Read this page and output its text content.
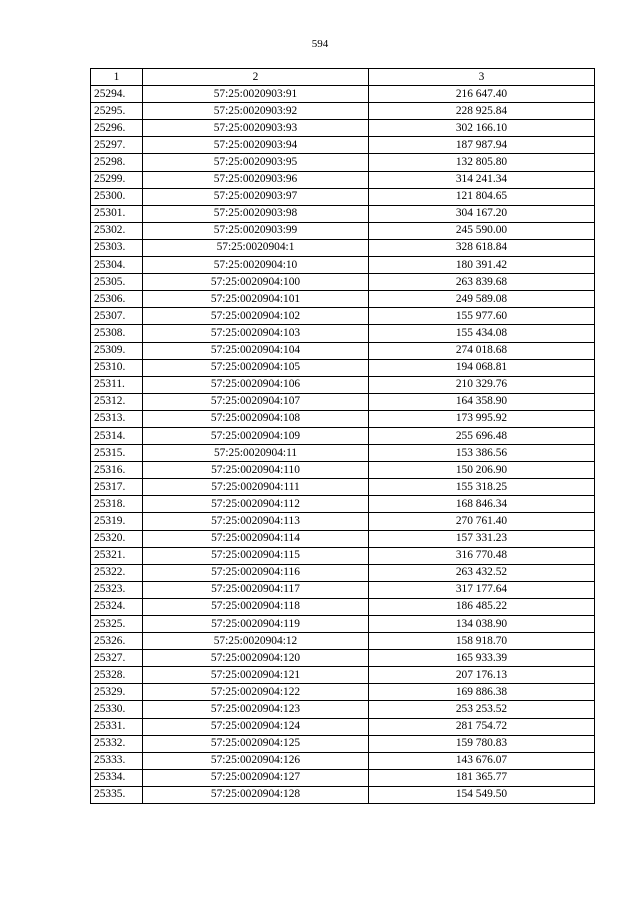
594
1	2	3
25294.	57:25:0020903:91	216 647.40
25295.	57:25:0020903:92	228 925.84
25296.	57:25:0020903:93	302 166.10
25297.	57:25:0020903:94	187 987.94
25298.	57:25:0020903:95	132 805.80
25299.	57:25:0020903:96	314 241.34
25300.	57:25:0020903:97	121 804.65
25301.	57:25:0020903:98	304 167.20
25302.	57:25:0020903:99	245 590.00
25303.	57:25:0020904:1	328 618.84
25304.	57:25:0020904:10	180 391.42
25305.	57:25:0020904:100	263 839.68
25306.	57:25:0020904:101	249 589.08
25307.	57:25:0020904:102	155 977.60
25308.	57:25:0020904:103	155 434.08
25309.	57:25:0020904:104	274 018.68
25310.	57:25:0020904:105	194 068.81
25311.	57:25:0020904:106	210 329.76
25312.	57:25:0020904:107	164 358.90
25313.	57:25:0020904:108	173 995.92
25314.	57:25:0020904:109	255 696.48
25315.	57:25:0020904:11	153 386.56
25316.	57:25:0020904:110	150 206.90
25317.	57:25:0020904:111	155 318.25
25318.	57:25:0020904:112	168 846.34
25319.	57:25:0020904:113	270 761.40
25320.	57:25:0020904:114	157 331.23
25321.	57:25:0020904:115	316 770.48
25322.	57:25:0020904:116	263 432.52
25323.	57:25:0020904:117	317 177.64
25324.	57:25:0020904:118	186 485.22
25325.	57:25:0020904:119	134 038.90
25326.	57:25:0020904:12	158 918.70
25327.	57:25:0020904:120	165 933.39
25328.	57:25:0020904:121	207 176.13
25329.	57:25:0020904:122	169 886.38
25330.	57:25:0020904:123	253 253.52
25331.	57:25:0020904:124	281 754.72
25332.	57:25:0020904:125	159 780.83
25333.	57:25:0020904:126	143 676.07
25334.	57:25:0020904:127	181 365.77
25335.	57:25:0020904:128	154 549.50
